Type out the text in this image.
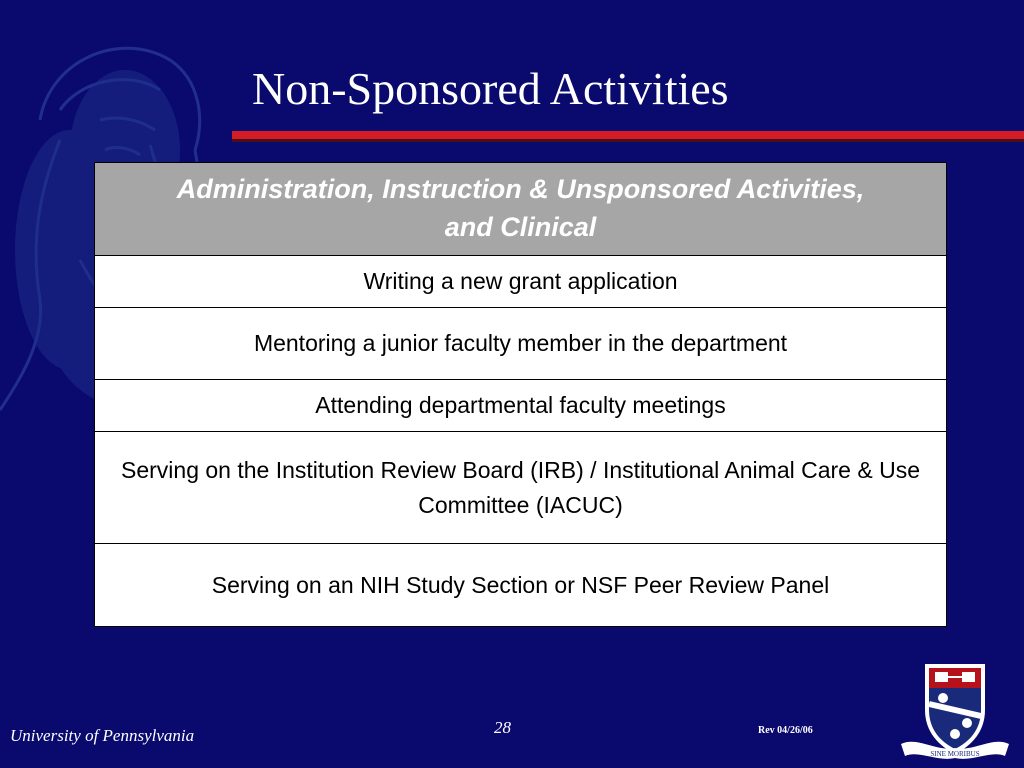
Non-Sponsored Activities
Administration, Instruction & Unsponsored Activities, and Clinical
Writing a new grant application
Mentoring a junior faculty member in the department
Attending departmental faculty meetings
Serving on the Institution Review Board (IRB) / Institutional Animal Care & Use Committee (IACUC)
Serving on an NIH Study Section or NSF Peer Review Panel
University of Pennsylvania	28	Rev 04/26/06
SINE MORIBUS
